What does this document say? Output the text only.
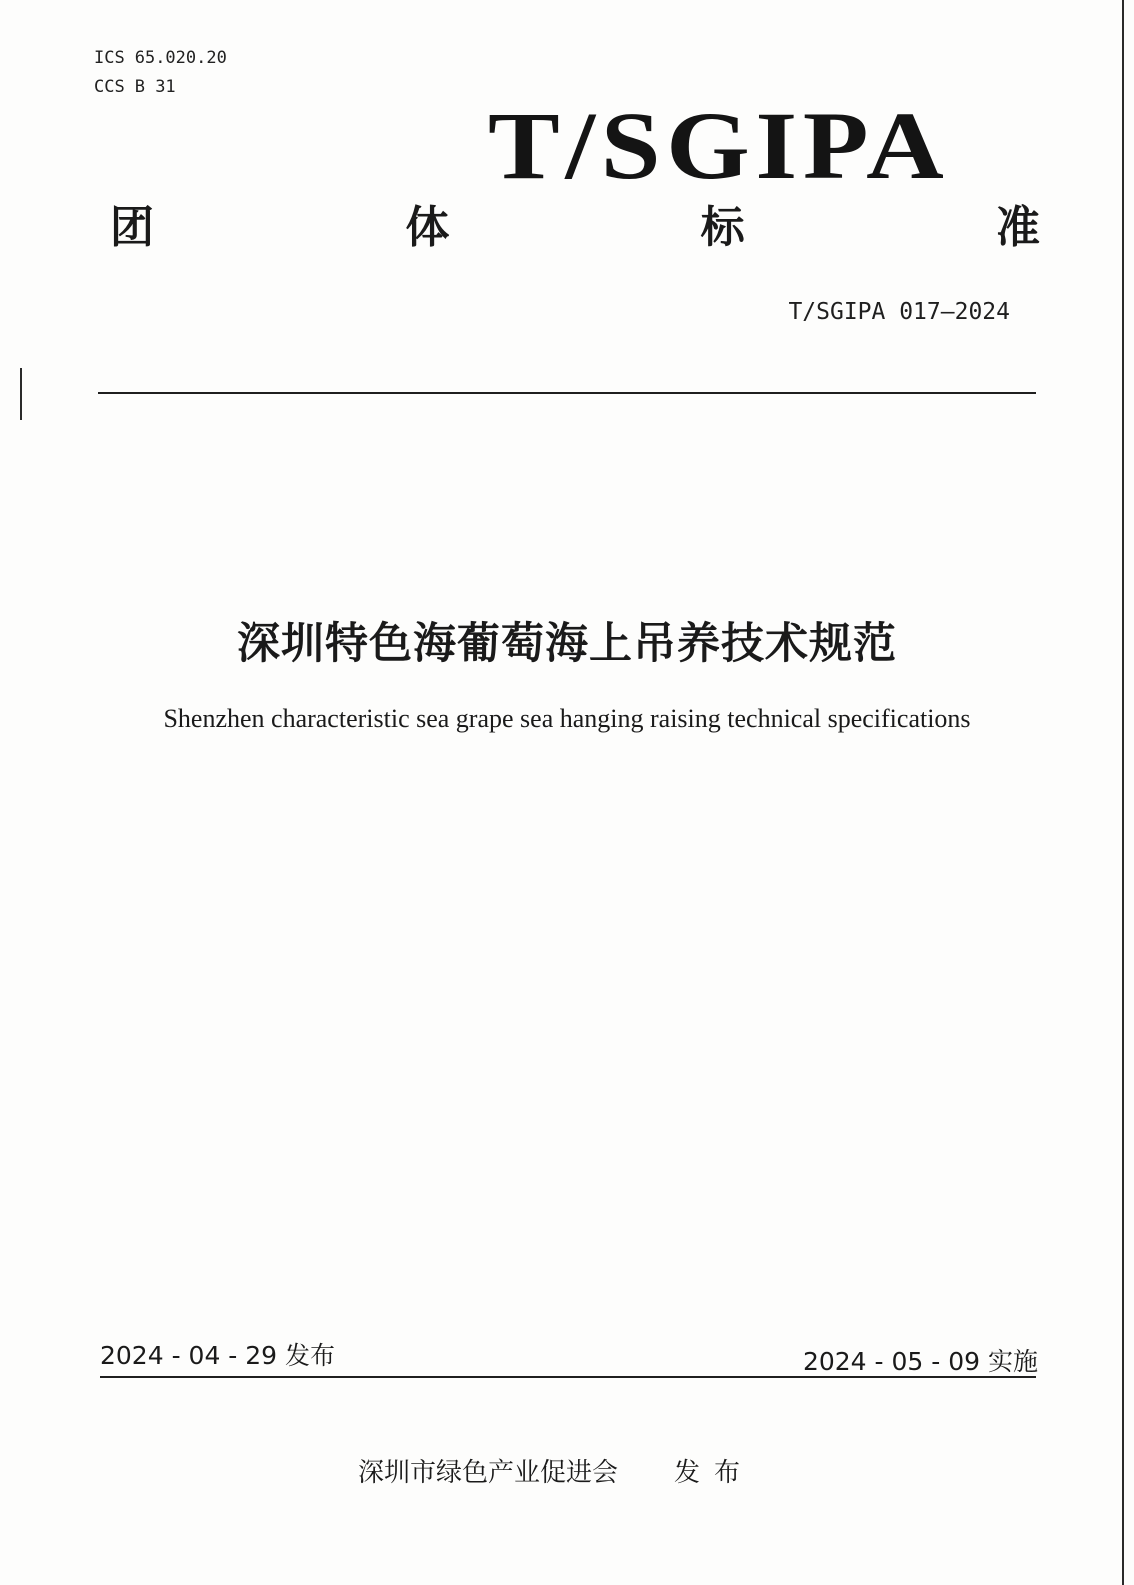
ICS 65.020.20
CCS B 31
T/SGIPA
团	体	标	准
T/SGIPA 017—2024
深圳特色海葡萄海上吊养技术规范
Shenzhen characteristic sea grape sea hanging raising technical specifications
2024 - 04 - 29 发布	2024 - 05 - 09 实施
深圳市绿色产业促进会 发布
